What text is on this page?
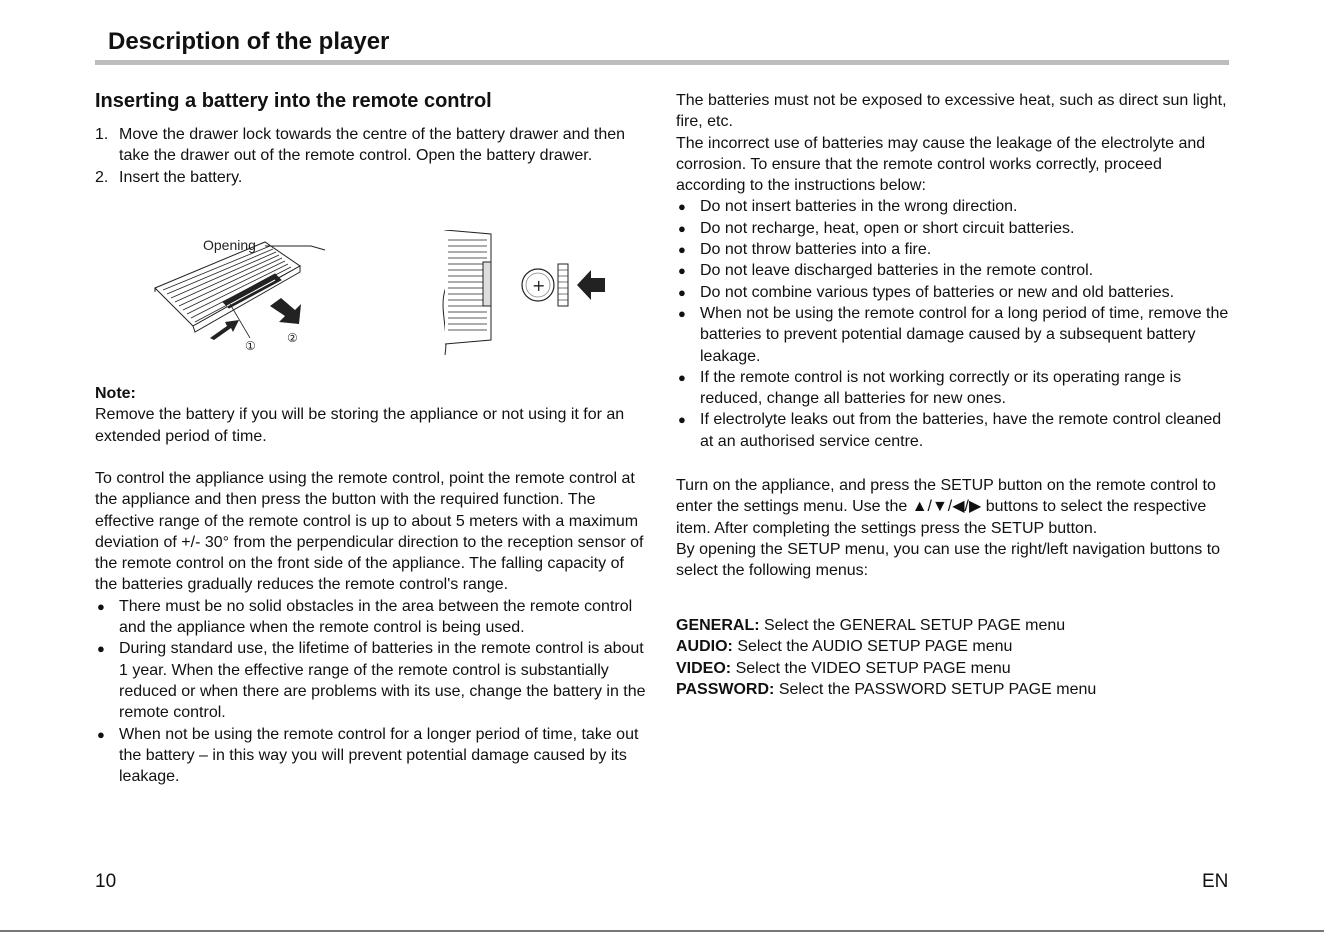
Description of the player
Inserting a battery into the remote control
1. Move the drawer lock towards the centre of the battery drawer and then take the drawer out of the remote control. Open the battery drawer.
2. Insert the battery.
Opening
①
②
+

Note:

Remove the battery if you will be storing the appliance or not using it for an extended period of time.

To control the appliance using the remote control, point the remote control at the appliance and then press the button with the required function. The effective range of the remote control is up to about 5 meters with a maximum deviation of +/- 30° from the perpendicular direction to the reception sensor of the remote control on the front side of the appliance. The falling capacity of the batteries gradually reduces the remote control's range.

● There must be no solid obstacles in the area between the remote control and the appliance when the remote control is being used.
● During standard use, the lifetime of batteries in the remote control is about 1 year. When the effective range of the remote control is substantially reduced or when there are problems with its use, change the battery in the remote control.
● When not be using the remote control for a longer period of time, take out the battery – in this way you will prevent potential damage caused by its leakage.

The batteries must not be exposed to excessive heat, such as direct sun light, fire, etc.

The incorrect use of batteries may cause the leakage of the electrolyte and corrosion. To ensure that the remote control works correctly, proceed according to the instructions below:

● Do not insert batteries in the wrong direction.
● Do not recharge, heat, open or short circuit batteries.
● Do not throw batteries into a fire.
● Do not leave discharged batteries in the remote control.
● Do not combine various types of batteries or new and old batteries.
● When not be using the remote control for a long period of time, remove the batteries to prevent potential damage caused by a subsequent battery leakage.
● If the remote control is not working correctly or its operating range is reduced, change all batteries for new ones.
● If electrolyte leaks out from the batteries, have the remote control cleaned at an authorised service centre.

Turn on the appliance, and press the SETUP button on the remote control to enter the settings menu. Use the ▲/▼/◀/▶ buttons to select the respective item. After completing the settings press the SETUP button.

By opening the SETUP menu, you can use the right/left navigation buttons to select the following menus:

GENERAL: Select the GENERAL SETUP PAGE menu

AUDIO: Select the AUDIO SETUP PAGE menu

VIDEO: Select the VIDEO SETUP PAGE menu

PASSWORD: Select the PASSWORD SETUP PAGE menu

10	EN
